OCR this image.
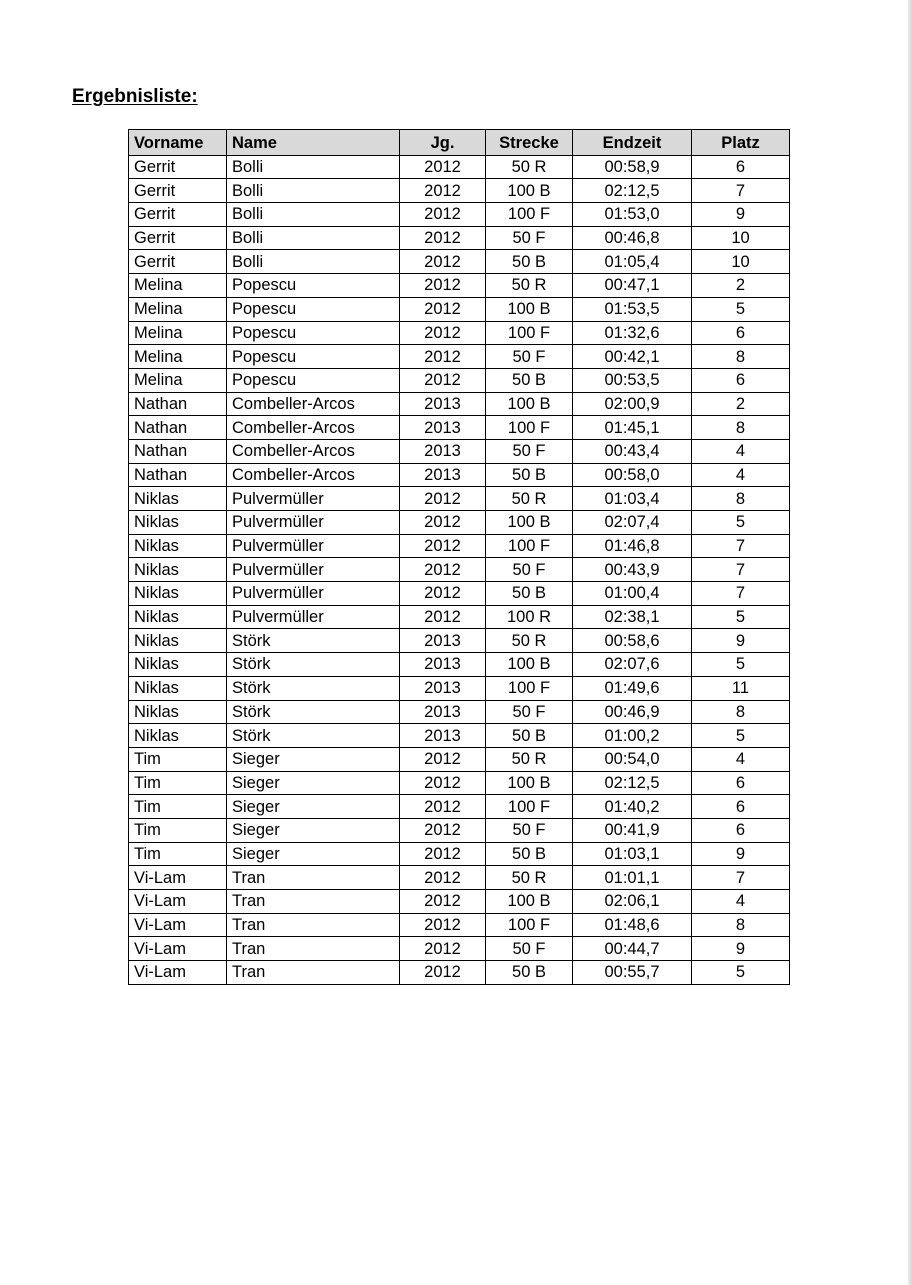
Ergebnisliste:
Vorname	Name	Jg.	Strecke	Endzeit	Platz
Gerrit	Bolli	2012	50 R	00:58,9	6
Gerrit	Bolli	2012	100 B	02:12,5	7
Gerrit	Bolli	2012	100 F	01:53,0	9
Gerrit	Bolli	2012	50 F	00:46,8	10
Gerrit	Bolli	2012	50 B	01:05,4	10
Melina	Popescu	2012	50 R	00:47,1	2
Melina	Popescu	2012	100 B	01:53,5	5
Melina	Popescu	2012	100 F	01:32,6	6
Melina	Popescu	2012	50 F	00:42,1	8
Melina	Popescu	2012	50 B	00:53,5	6
Nathan	Combeller-Arcos	2013	100 B	02:00,9	2
Nathan	Combeller-Arcos	2013	100 F	01:45,1	8
Nathan	Combeller-Arcos	2013	50 F	00:43,4	4
Nathan	Combeller-Arcos	2013	50 B	00:58,0	4
Niklas	Pulvermüller	2012	50 R	01:03,4	8
Niklas	Pulvermüller	2012	100 B	02:07,4	5
Niklas	Pulvermüller	2012	100 F	01:46,8	7
Niklas	Pulvermüller	2012	50 F	00:43,9	7
Niklas	Pulvermüller	2012	50 B	01:00,4	7
Niklas	Pulvermüller	2012	100 R	02:38,1	5
Niklas	Störk	2013	50 R	00:58,6	9
Niklas	Störk	2013	100 B	02:07,6	5
Niklas	Störk	2013	100 F	01:49,6	11
Niklas	Störk	2013	50 F	00:46,9	8
Niklas	Störk	2013	50 B	01:00,2	5
Tim	Sieger	2012	50 R	00:54,0	4
Tim	Sieger	2012	100 B	02:12,5	6
Tim	Sieger	2012	100 F	01:40,2	6
Tim	Sieger	2012	50 F	00:41,9	6
Tim	Sieger	2012	50 B	01:03,1	9
Vi-Lam	Tran	2012	50 R	01:01,1	7
Vi-Lam	Tran	2012	100 B	02:06,1	4
Vi-Lam	Tran	2012	100 F	01:48,6	8
Vi-Lam	Tran	2012	50 F	00:44,7	9
Vi-Lam	Tran	2012	50 B	00:55,7	5
